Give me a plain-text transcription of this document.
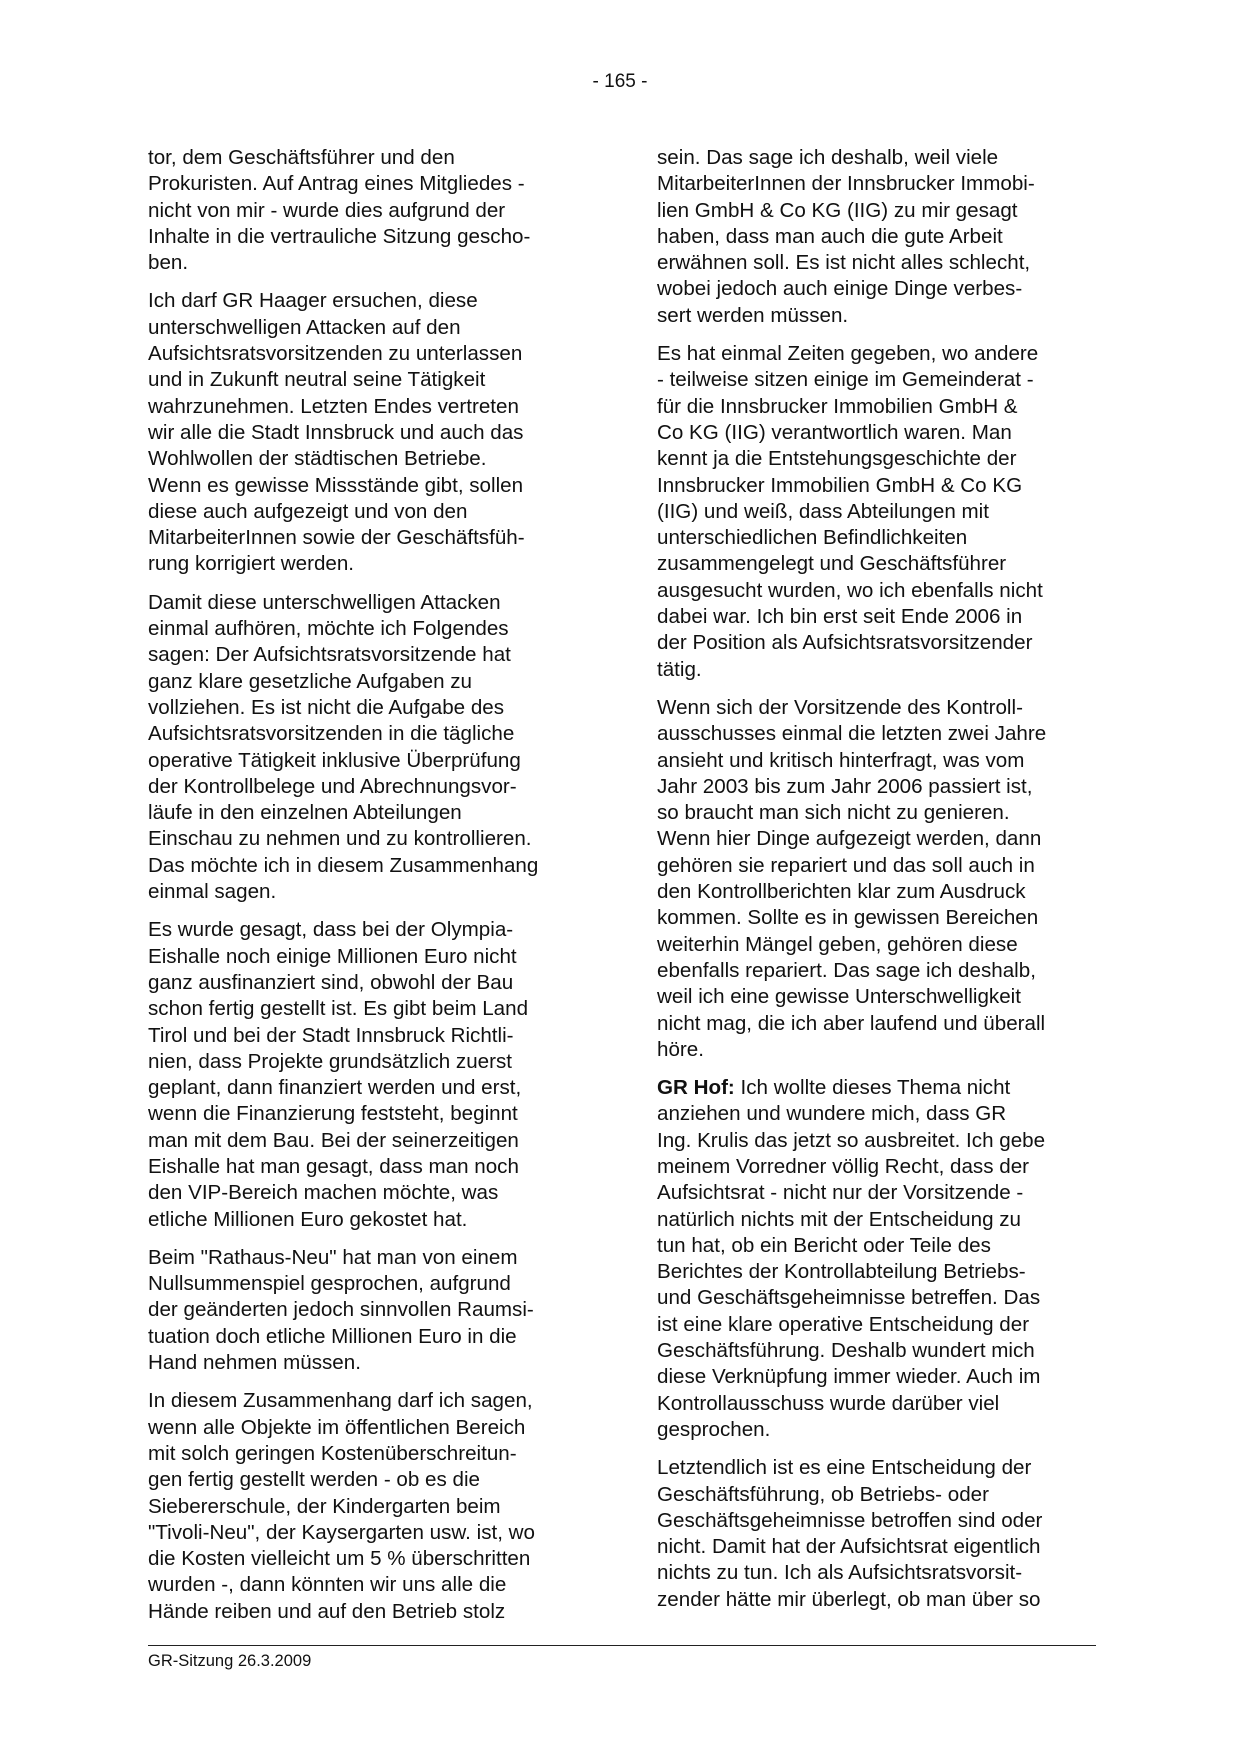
- 165 -

tor, dem Geschäftsführer und den
Prokuristen. Auf Antrag eines Mitgliedes -
nicht von mir - wurde dies aufgrund der
Inhalte in die vertrauliche Sitzung gescho-
ben.

Ich darf GR Haager ersuchen, diese
unterschwelligen Attacken auf den
Aufsichtsratsvorsitzenden zu unterlassen
und in Zukunft neutral seine Tätigkeit
wahrzunehmen. Letzten Endes vertreten
wir alle die Stadt Innsbruck und auch das
Wohlwollen der städtischen Betriebe.
Wenn es gewisse Missstände gibt, sollen
diese auch aufgezeigt und von den
MitarbeiterInnen sowie der Geschäftsfüh-
rung korrigiert werden.

Damit diese unterschwelligen Attacken
einmal aufhören, möchte ich Folgendes
sagen: Der Aufsichtsratsvorsitzende hat
ganz klare gesetzliche Aufgaben zu
vollziehen. Es ist nicht die Aufgabe des
Aufsichtsratsvorsitzenden in die tägliche
operative Tätigkeit inklusive Überprüfung
der Kontrollbelege und Abrechnungsvor-
läufe in den einzelnen Abteilungen
Einschau zu nehmen und zu kontrollieren.
Das möchte ich in diesem Zusammenhang
einmal sagen.

Es wurde gesagt, dass bei der Olympia-
Eishalle noch einige Millionen Euro nicht
ganz ausfinanziert sind, obwohl der Bau
schon fertig gestellt ist. Es gibt beim Land
Tirol und bei der Stadt Innsbruck Richtli-
nien, dass Projekte grundsätzlich zuerst
geplant, dann finanziert werden und erst,
wenn die Finanzierung feststeht, beginnt
man mit dem Bau. Bei der seinerzeitigen
Eishalle hat man gesagt, dass man noch
den VIP-Bereich machen möchte, was
etliche Millionen Euro gekostet hat.

Beim "Rathaus-Neu" hat man von einem
Nullsummenspiel gesprochen, aufgrund
der geänderten jedoch sinnvollen Raumsi-
tuation doch etliche Millionen Euro in die
Hand nehmen müssen.

In diesem Zusammenhang darf ich sagen,
wenn alle Objekte im öffentlichen Bereich
mit solch geringen Kostenüberschreitun-
gen fertig gestellt werden - ob es die
Siebererschule, der Kindergarten beim
"Tivoli-Neu", der Kaysergarten usw. ist, wo
die Kosten vielleicht um 5 % überschritten
wurden -, dann könnten wir uns alle die
Hände reiben und auf den Betrieb stolz

sein. Das sage ich deshalb, weil viele
MitarbeiterInnen der Innsbrucker Immobi-
lien GmbH & Co KG (IIG) zu mir gesagt
haben, dass man auch die gute Arbeit
erwähnen soll. Es ist nicht alles schlecht,
wobei jedoch auch einige Dinge verbes-
sert werden müssen.

Es hat einmal Zeiten gegeben, wo andere
- teilweise sitzen einige im Gemeinderat -
für die Innsbrucker Immobilien GmbH &
Co KG (IIG) verantwortlich waren. Man
kennt ja die Entstehungsgeschichte der
Innsbrucker Immobilien GmbH & Co KG
(IIG) und weiß, dass Abteilungen mit
unterschiedlichen Befindlichkeiten
zusammengelegt und Geschäftsführer
ausgesucht wurden, wo ich ebenfalls nicht
dabei war. Ich bin erst seit Ende 2006 in
der Position als Aufsichtsratsvorsitzender
tätig.

Wenn sich der Vorsitzende des Kontroll-
ausschusses einmal die letzten zwei Jahre
ansieht und kritisch hinterfragt, was vom
Jahr 2003 bis zum Jahr 2006 passiert ist,
so braucht man sich nicht zu genieren.
Wenn hier Dinge aufgezeigt werden, dann
gehören sie repariert und das soll auch in
den Kontrollberichten klar zum Ausdruck
kommen. Sollte es in gewissen Bereichen
weiterhin Mängel geben, gehören diese
ebenfalls repariert. Das sage ich deshalb,
weil ich eine gewisse Unterschwelligkeit
nicht mag, die ich aber laufend und überall
höre.

GR Hof: Ich wollte dieses Thema nicht
anziehen und wundere mich, dass GR
Ing. Krulis das jetzt so ausbreitet. Ich gebe
meinem Vorredner völlig Recht, dass der
Aufsichtsrat - nicht nur der Vorsitzende -
natürlich nichts mit der Entscheidung zu
tun hat, ob ein Bericht oder Teile des
Berichtes der Kontrollabteilung Betriebs-
und Geschäftsgeheimnisse betreffen. Das
ist eine klare operative Entscheidung der
Geschäftsführung. Deshalb wundert mich
diese Verknüpfung immer wieder. Auch im
Kontrollausschuss wurde darüber viel
gesprochen.

Letztendlich ist es eine Entscheidung der
Geschäftsführung, ob Betriebs- oder
Geschäftsgeheimnisse betroffen sind oder
nicht. Damit hat der Aufsichtsrat eigentlich
nichts zu tun. Ich als Aufsichtsratsvorsit-
zender hätte mir überlegt, ob man über so

GR-Sitzung 26.3.2009
